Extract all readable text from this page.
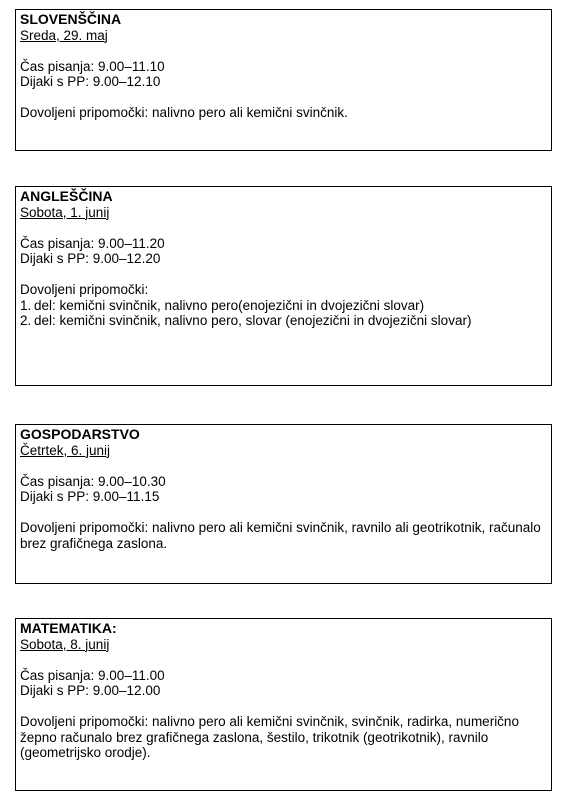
SLOVENŠČINA

Sreda, 29. maj

Čas pisanja: 9.00–11.10

Dijaki s PP: 9.00–12.10

Dovoljeni pripomočki: nalivno pero ali kemični svinčnik.

ANGLEŠČINA

Sobota, 1. junij

Čas pisanja: 9.00–11.20

Dijaki s PP: 9.00–12.20

Dovoljeni pripomočki:

1. del: kemični svinčnik, nalivno pero(enojezični in dvojezični slovar)
2. del: kemični svinčnik, nalivno pero, slovar (enojezični in dvojezični slovar)

GOSPODARSTVO

Četrtek, 6. junij

Čas pisanja: 9.00–10.30

Dijaki s PP: 9.00–11.15

Dovoljeni pripomočki: nalivno pero ali kemični svinčnik, ravnilo ali geotrikotnik, računalo brez grafičnega zaslona.

MATEMATIKA:

Sobota, 8. junij

Čas pisanja: 9.00–11.00

Dijaki s PP: 9.00–12.00

Dovoljeni pripomočki: nalivno pero ali kemični svinčnik, svinčnik, radirka, numerično žepno računalo brez grafičnega zaslona, šestilo, trikotnik (geotrikotnik), ravnilo (geometrijsko orodje).
